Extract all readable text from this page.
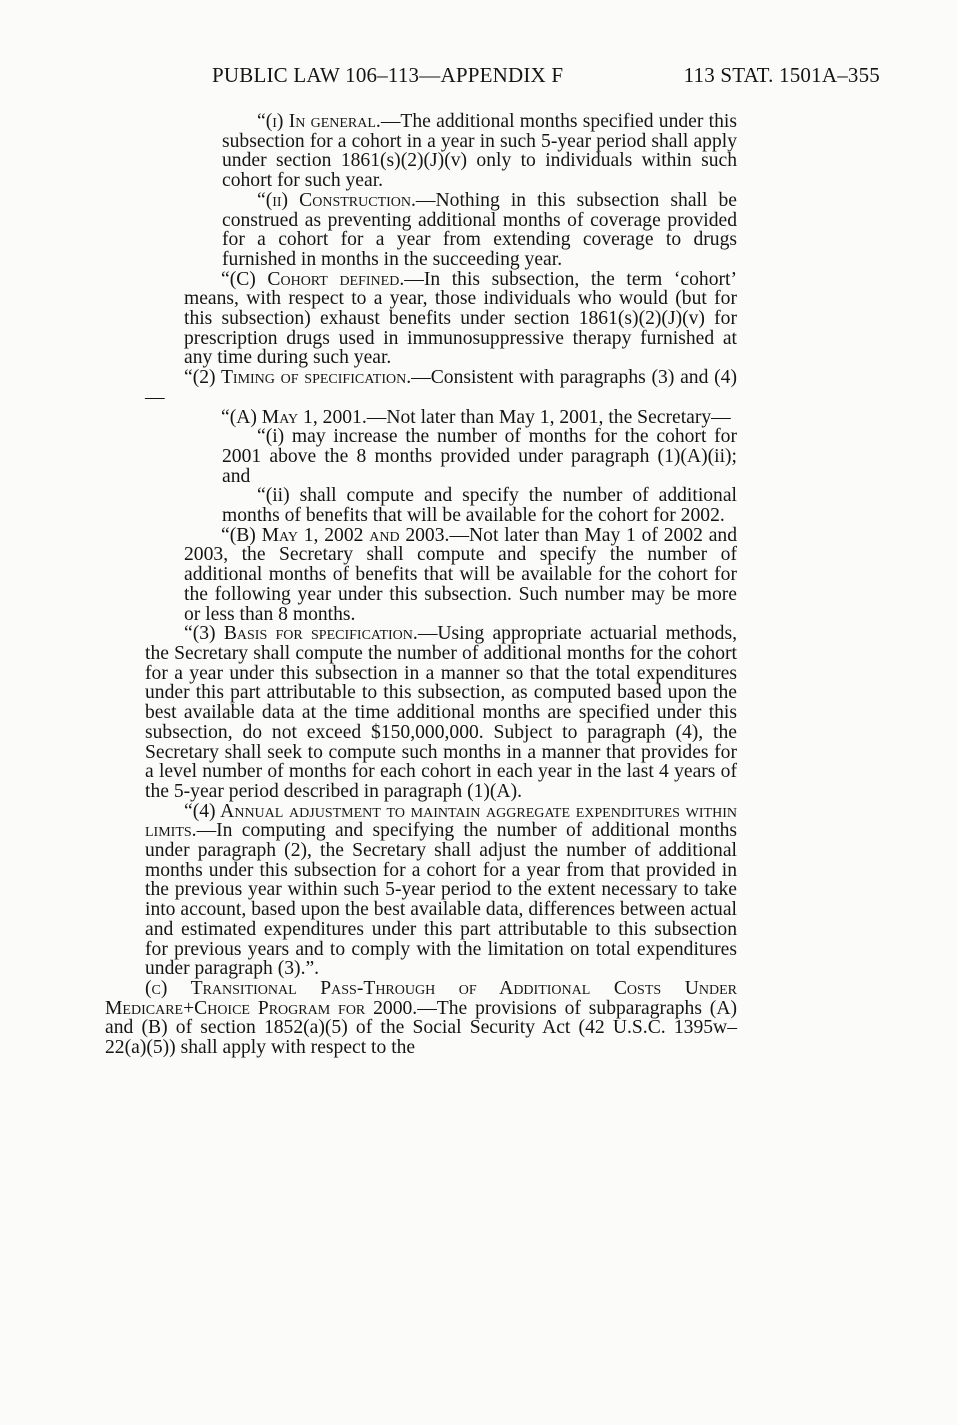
PUBLIC LAW 106–113—APPENDIX F	113 STAT. 1501A–355

“(i) In general.—The additional months specified under this subsection for a cohort in a year in such 5-year period shall apply under section 1861(s)(2)(J)(v) only to individuals within such cohort for such year.

“(ii) Construction.—Nothing in this subsection shall be construed as preventing additional months of coverage provided for a cohort for a year from extending coverage to drugs furnished in months in the succeeding year.

“(C) Cohort defined.—In this subsection, the term ‘cohort’ means, with respect to a year, those individuals who would (but for this subsection) exhaust benefits under section 1861(s)(2)(J)(v) for prescription drugs used in immunosuppressive therapy furnished at any time during such year.

“(2) Timing of specification.—Consistent with paragraphs (3) and (4)—

“(A) May 1, 2001.—Not later than May 1, 2001, the Secretary—

“(i) may increase the number of months for the cohort for 2001 above the 8 months provided under paragraph (1)(A)(ii); and

“(ii) shall compute and specify the number of additional months of benefits that will be available for the cohort for 2002.

“(B) May 1, 2002 and 2003.—Not later than May 1 of 2002 and 2003, the Secretary shall compute and specify the number of additional months of benefits that will be available for the cohort for the following year under this subsection. Such number may be more or less than 8 months.

“(3) Basis for specification.—Using appropriate actuarial methods, the Secretary shall compute the number of additional months for the cohort for a year under this subsection in a manner so that the total expenditures under this part attributable to this subsection, as computed based upon the best available data at the time additional months are specified under this subsection, do not exceed $150,000,000. Subject to paragraph (4), the Secretary shall seek to compute such months in a manner that provides for a level number of months for each cohort in each year in the last 4 years of the 5-year period described in paragraph (1)(A).

“(4) Annual adjustment to maintain aggregate expenditures within limits.—In computing and specifying the number of additional months under paragraph (2), the Secretary shall adjust the number of additional months under this subsection for a cohort for a year from that provided in the previous year within such 5-year period to the extent necessary to take into account, based upon the best available data, differences between actual and estimated expenditures under this part attributable to this subsection for previous years and to comply with the limitation on total expenditures under paragraph (3).”.

(c) Transitional Pass-Through of Additional Costs Under Medicare+Choice Program for 2000.—The provisions of subparagraphs (A) and (B) of section 1852(a)(5) of the Social Security Act (42 U.S.C. 1395w–22(a)(5)) shall apply with respect to the
